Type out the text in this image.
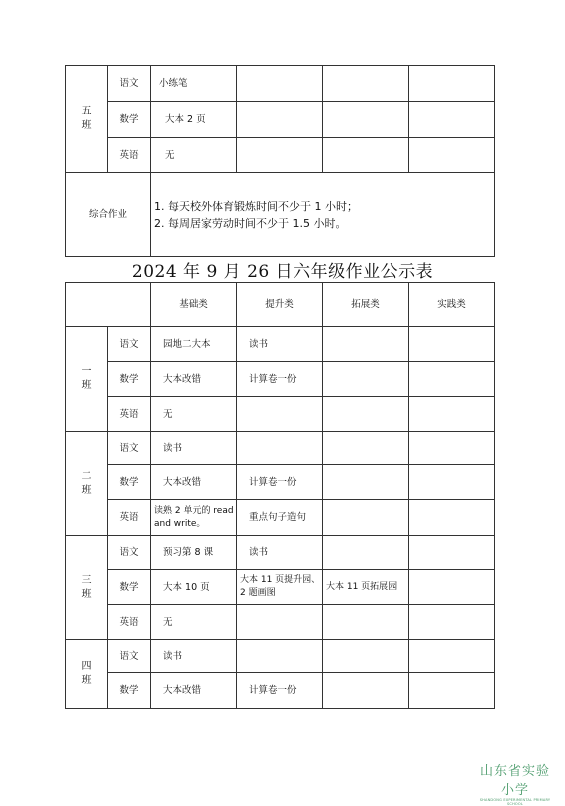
五
班	语文	小练笔			
	数学	大本 2 页			
	英语	无			
综合作业		1. 每天校外体育锻炼时间不少于 1 小时；
2. 每周居家劳动时间不少于 1.5 小时。			
2024 年 9 月 26 日六年级作业公示表
		基础类	提升类	拓展类	实践类
一
班	语文	园地二大本	读书		
	数学	大本改错	计算卷一份		
	英语	无			
二
班	语文	读书			
	数学	大本改错	计算卷一份		
	英语	读熟 2 单元的 read and write。	重点句子造句		
三
班	语文	预习第 8 课	读书		
	数学	大本 10 页	大本 11 页提升园、2 题画图	大本 11 页拓展园	
	英语	无			
四
班	语文	读书			
	数学	大本改错	计算卷一份		
山东省实验小学
SHANDONG EXPERIMENTAL PRIMARY SCHOOL
